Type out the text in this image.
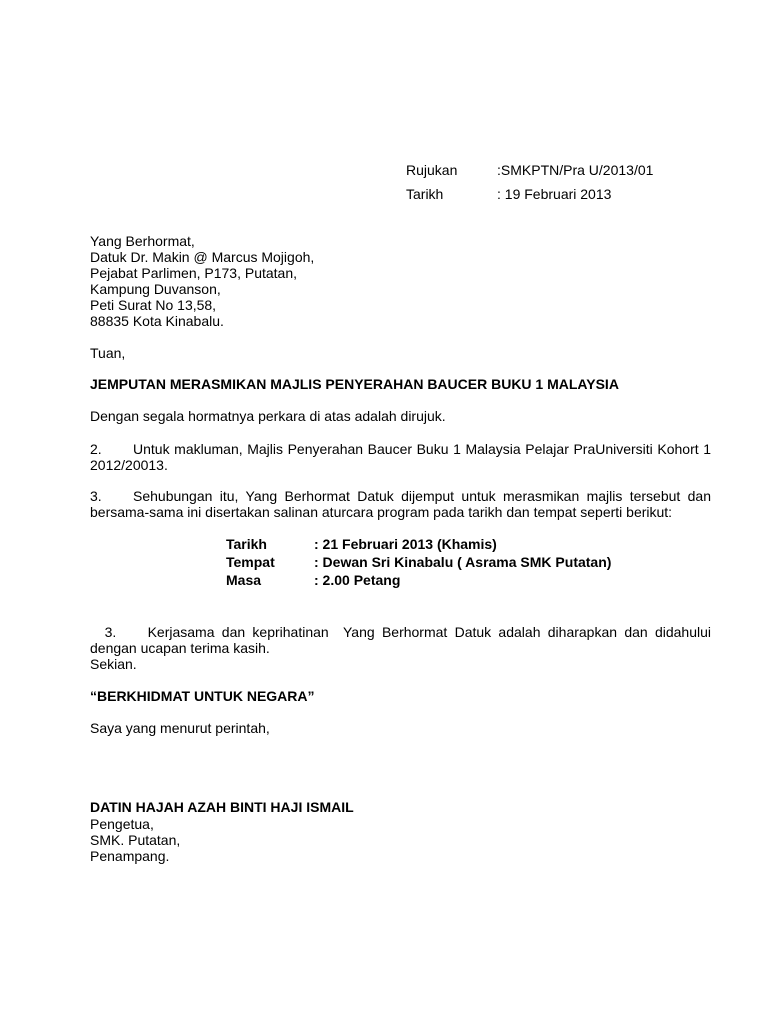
Rujukan	:SMKPTN/Pra U/2013/01
Tarikh	: 19 Februari 2013
Yang Berhormat,
Datuk Dr. Makin @ Marcus Mojigoh,
Pejabat Parlimen, P173, Putatan,
Kampung Duvanson,
Peti Surat No 13,58,
88835 Kota Kinabalu.
Tuan,
JEMPUTAN MERASMIKAN MAJLIS PENYERAHAN BAUCER BUKU 1 MALAYSIA
Dengan segala hormatnya perkara di atas adalah dirujuk.
2. Untuk makluman, Majlis Penyerahan Baucer Buku 1 Malaysia Pelajar PraUniversiti Kohort 1 2012/20013.
3. Sehubungan itu, Yang Berhormat Datuk dijemput untuk merasmikan majlis tersebut dan bersama-sama ini disertakan salinan aturcara program pada tarikh dan tempat seperti berikut:
Tarikh	: 21 Februari 2013 (Khamis)
Tempat	: Dewan Sri Kinabalu ( Asrama SMK Putatan)
Masa	: 2.00 Petang

3. Kerjasama dan keprihatinan  Yang Berhormat Datuk adalah diharapkan dan didahului dengan ucapan terima kasih.

Sekian.
“BERKHIDMAT UNTUK NEGARA”
Saya yang menurut perintah,
DATIN HAJAH AZAH BINTI HAJI ISMAIL
Pengetua,
SMK. Putatan,
Penampang.
